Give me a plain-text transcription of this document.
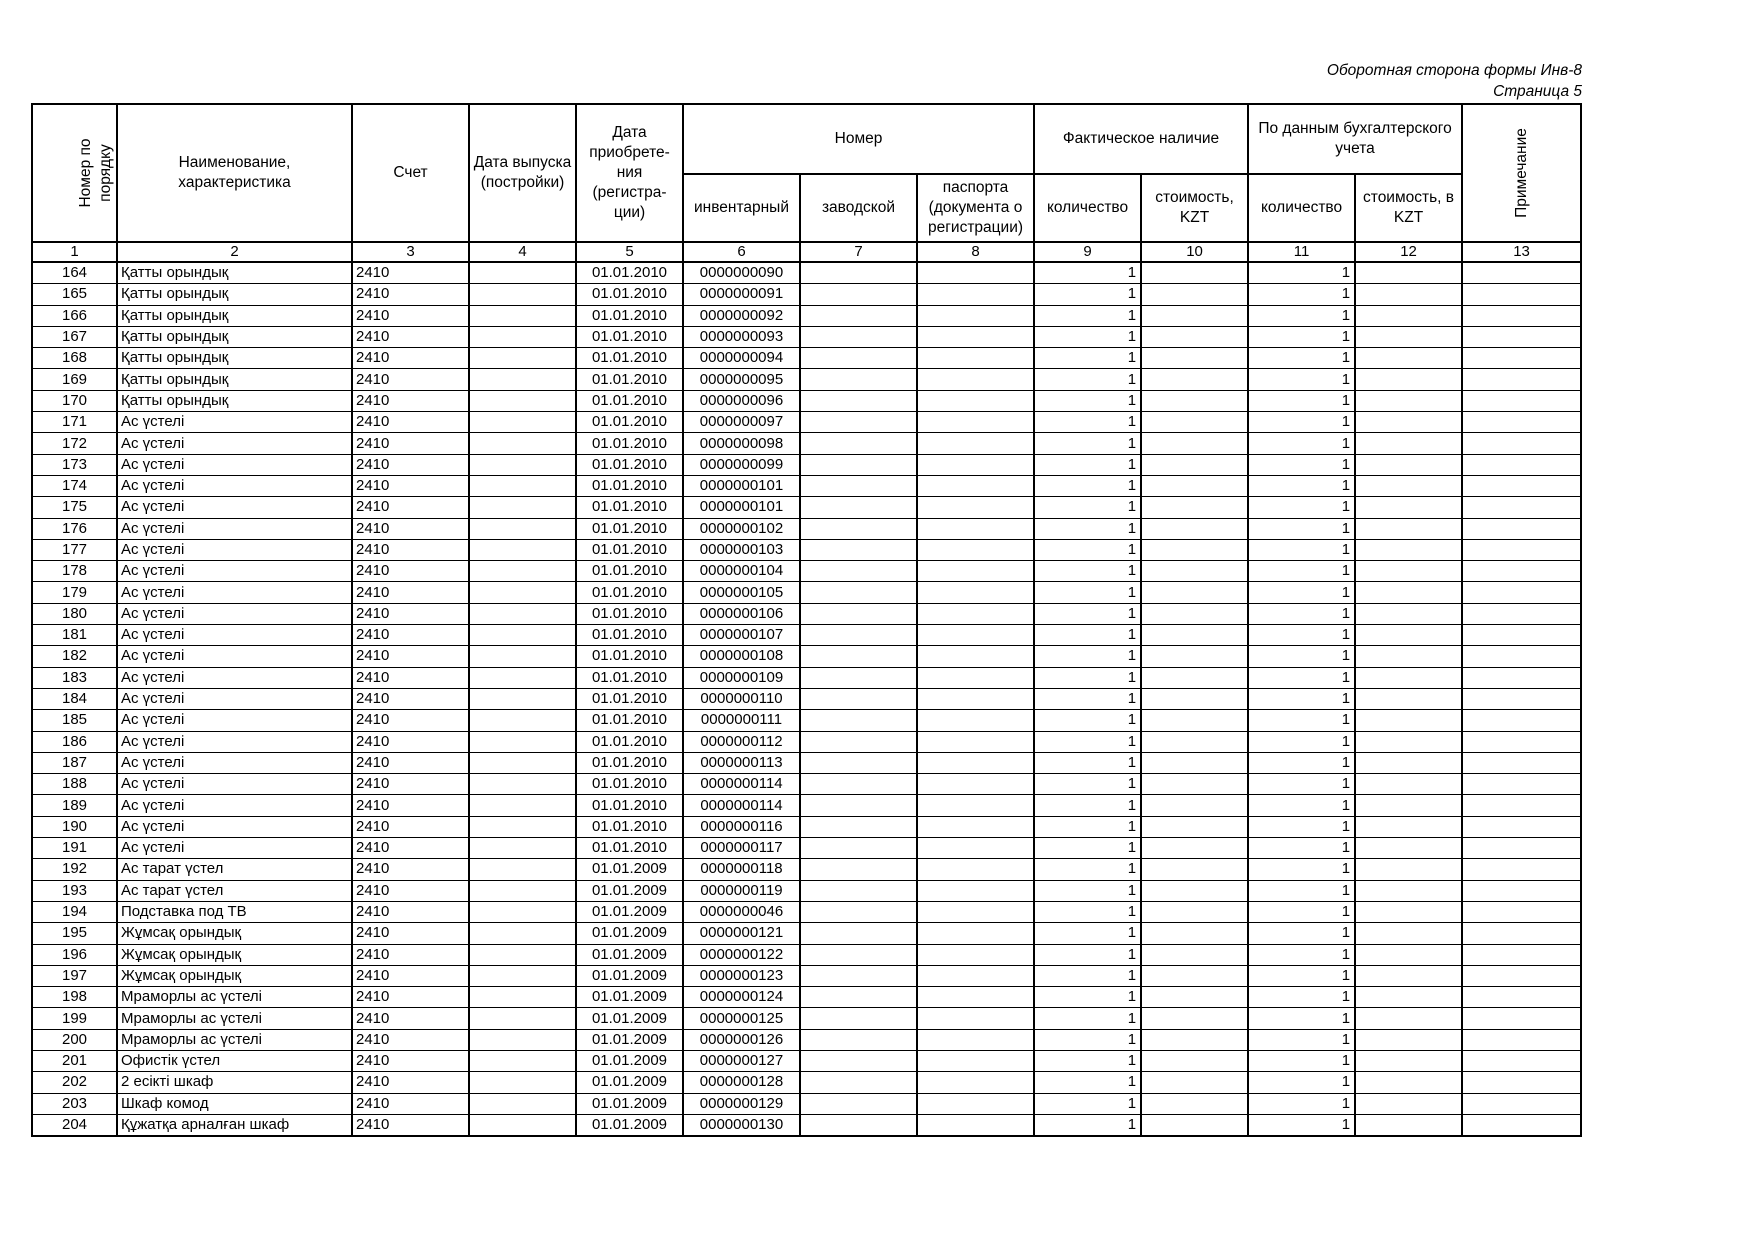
Оборотная сторона формы Инв-8
Страница 5
Номер по порядку	Наименование, характеристика	Счет	Дата выпуска (постройки)	Дата приобрете-ния (регистра-ции)	Номер			Фактическое наличие		По данным бухгалтерского учета		Примечание
					инвентарный	заводской	паспорта (документа о регистрации)	количество	стоимость, KZT	количество	стоимость, в KZT	
1	2	3	4	5	6	7	8	9	10	11	12	13
164	Қатты орындық	2410		01.01.2010	0000000090			1		1		
165	Қатты орындық	2410		01.01.2010	0000000091			1		1		
166	Қатты орындық	2410		01.01.2010	0000000092			1		1		
167	Қатты орындық	2410		01.01.2010	0000000093			1		1		
168	Қатты орындық	2410		01.01.2010	0000000094			1		1		
169	Қатты орындық	2410		01.01.2010	0000000095			1		1		
170	Қатты орындық	2410		01.01.2010	0000000096			1		1		
171	Ас үстелі	2410		01.01.2010	0000000097			1		1		
172	Ас үстелі	2410		01.01.2010	0000000098			1		1		
173	Ас үстелі	2410		01.01.2010	0000000099			1		1		
174	Ас үстелі	2410		01.01.2010	0000000101			1		1		
175	Ас үстелі	2410		01.01.2010	0000000101			1		1		
176	Ас үстелі	2410		01.01.2010	0000000102			1		1		
177	Ас үстелі	2410		01.01.2010	0000000103			1		1		
178	Ас үстелі	2410		01.01.2010	0000000104			1		1		
179	Ас үстелі	2410		01.01.2010	0000000105			1		1		
180	Ас үстелі	2410		01.01.2010	0000000106			1		1		
181	Ас үстелі	2410		01.01.2010	0000000107			1		1		
182	Ас үстелі	2410		01.01.2010	0000000108			1		1		
183	Ас үстелі	2410		01.01.2010	0000000109			1		1		
184	Ас үстелі	2410		01.01.2010	0000000110			1		1		
185	Ас үстелі	2410		01.01.2010	0000000111			1		1		
186	Ас үстелі	2410		01.01.2010	0000000112			1		1		
187	Ас үстелі	2410		01.01.2010	0000000113			1		1		
188	Ас үстелі	2410		01.01.2010	0000000114			1		1		
189	Ас үстелі	2410		01.01.2010	0000000114			1		1		
190	Ас үстелі	2410		01.01.2010	0000000116			1		1		
191	Ас үстелі	2410		01.01.2010	0000000117			1		1		
192	Ас тарат үстел	2410		01.01.2009	0000000118			1		1		
193	Ас тарат үстел	2410		01.01.2009	0000000119			1		1		
194	Подставка под ТВ	2410		01.01.2009	0000000046			1		1		
195	Жұмсақ орындық	2410		01.01.2009	0000000121			1		1		
196	Жұмсақ орындық	2410		01.01.2009	0000000122			1		1		
197	Жұмсақ орындық	2410		01.01.2009	0000000123			1		1		
198	Мраморлы ас үстелі	2410		01.01.2009	0000000124			1		1		
199	Мраморлы ас үстелі	2410		01.01.2009	0000000125			1		1		
200	Мраморлы ас үстелі	2410		01.01.2009	0000000126			1		1		
201	Офистік үстел	2410		01.01.2009	0000000127			1		1		
202	2 есікті шкаф	2410		01.01.2009	0000000128			1		1		
203	Шкаф комод	2410		01.01.2009	0000000129			1		1		
204	Құжатқа арналған шкаф	2410		01.01.2009	0000000130			1		1		
